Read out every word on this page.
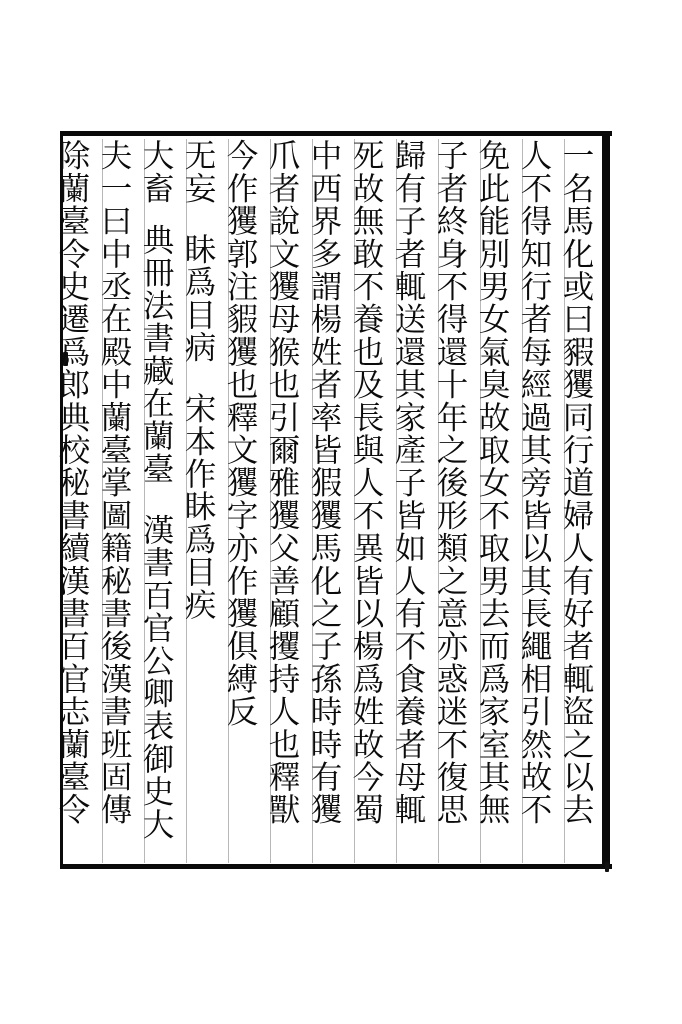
一名馬化或曰豭玃同行道婦人有好者輒盜之以去
人不得知行者每經過其旁皆以其長繩相引然故不
免此能別男女氣臭故取女不取男去而爲家室其無
子者終身不得還十年之後形類之意亦惑迷不復思
歸有子者輒送還其家產子皆如人有不食養者母輒
死故無敢不養也及長與人不異皆以楊爲姓故今蜀
中西界多謂楊姓者率皆猳玃馬化之子孫時時有玃
爪者說文玃母猴也引爾雅玃父善顧攫持人也釋獸
今作玃郭注貑玃也釋文玃字亦作玃俱縛反
无妄眛爲目病宋本作眛爲目疾
大畜典冊法書藏在蘭臺漢書百官公卿表御史大
夫一曰中丞在殿中蘭臺掌圖籍秘書後漢書班固傳
除蘭臺令史遷爲郎典校秘書續漢書百官志蘭臺令
